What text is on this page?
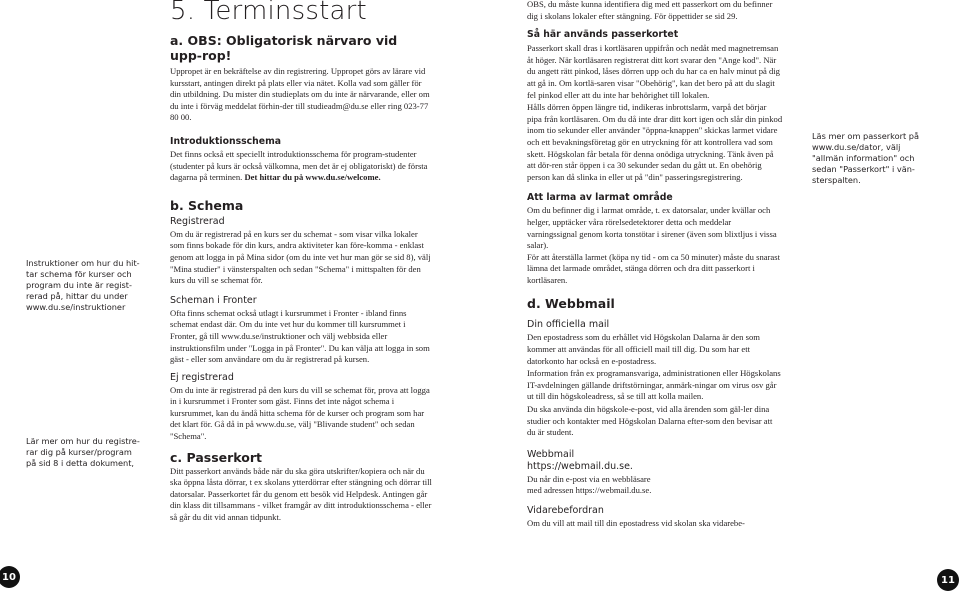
Instruktioner om hur du hit-tar schema för kurser och program du inte är regist-rerad på, hittar du under www.du.se/instruktioner
Lär mer om hur du registre-rar dig på kurser/program på sid 8 i detta dokument,
10
5. Terminsstart
a. OBS: Obligatorisk närvaro vid upp-rop!

Uppropet är en bekräftelse av din registrering. Uppropet görs av lärare vid kursstart, antingen direkt på plats eller via nätet. Kolla vad som gäller för din utbildning. Du mister din studieplats om du inte är närvarande, eller om du inte i förväg meddelat förhin-der till studieadm@du.se eller ring 023-77 80 00.

Introduktionsschema

Det finns också ett speciellt introduktionsschema för program-studenter (studenter på kurs är också välkomna, men det är ej obligatoriskt) de första dagarna på terminen. Det hittar du på www.du.se/welcome.

b. Schema
Registrerad

Om du är registrerad på en kurs ser du schemat - som visar vilka lokaler som finns bokade för din kurs, andra aktiviteter kan före-komma - enklast genom att logga in på Mina sidor (om du inte vet hur man gör se sid 8), välj "Mina studier" i vänsterspalten och sedan "Schema" i mittspalten för den kurs du vill se schemat för.

Scheman i Fronter

Ofta finns schemat också utlagt i kursrummet i Fronter - ibland finns schemat endast där. Om du inte vet hur du kommer till kursrummet i Fronter, gå till www.du.se/instruktioner och välj webbsida eller instruktionsfilm under "Logga in på Fronter". Du kan välja att logga in som gäst - eller som användare om du är registrerad på kursen.

Ej registrerad

Om du inte är registrerad på den kurs du vill se schemat för, prova att logga in i kursrummet i Fronter som gäst. Finns det inte något schema i kursrummet, kan du ändå hitta schema för de kurser och program som har det klart för. Gå då in på www.du.se, välj "Blivande student" och sedan "Schema".

c. Passerkort

Ditt passerkort används både när du ska göra utskrifter/kopiera och när du ska öppna låsta dörrar, t ex skolans ytterdörrar efter stängning och dörrar till datorsalar. Passerkortet får du genom ett besök vid Helpdesk. Antingen går din klass dit tillsammans - vilket framgår av ditt introduktionsschema - eller så går du dit vid annan tidpunkt.

OBS, du måste kunna identifiera dig med ett passerkort om du befinner dig i skolans lokaler efter stängning. För öppettider se sid 29.

Så här används passerkortet

Passerkort skall dras i kortläsaren uppifrån och nedåt med magnetremsan åt höger. När kortläsaren registrerat ditt kort svarar den "Ange kod". När du angett rätt pinkod, låses dörren upp och du har ca en halv minut på dig att gå in. Om kortlä-saren visar "Obehörig", kan det bero på att du slagit fel pinkod eller att du inte har behörighet till lokalen.

Hålls dörren öppen längre tid, indikeras inbrottslarm, varpå det börjar pipa från kortläsaren. Om du då inte drar ditt kort igen och slår din pinkod inom tio sekunder eller använder "öppna-knappen" skickas larmet vidare och ett bevakningsföretag gör en utryckning för att kontrollera vad som skett. Högskolan får betala för denna onödiga utryckning. Tänk även på att dör-ren står öppen i ca 30 sekunder sedan du gått ut. En obehörig person kan då slinka in eller ut på "din" passeringsregistrering.

Att larma av larmat område

Om du befinner dig i larmat område, t. ex datorsalar, under kvällar och helger, upptäcker våra rörelsedetektorer detta och meddelar varningssignal genom korta tonstötar i sirener (även som blixtljus i vissa salar).

För att återställa larmet (köpa ny tid - om ca 50 minuter) måste du snarast lämna det larmade området, stänga dörren och dra ditt passerkort i kortläsaren.

d. Webbmail
Din officiella mail

Den epostadress som du erhållet vid Högskolan Dalarna är den som kommer att användas för all officiell mail till dig. Du som har ett datorkonto har också en e-postadress.

Information från ex programansvariga, administrationen eller Högskolans IT-avdelningen gällande driftstörningar, anmärk-ningar om virus osv går ut till din högskoleadress, så se till att kolla mailen.

Du ska använda din högskole-e-post, vid alla ärenden som gäl-ler dina studier och kontakter med Högskolan Dalarna efter-som den bevisar att du är student.

Webbmail
https://webmail.du.se.

Du når din e-post via en webbläsare

med adressen https://webmail.du.se.

Vidarebefordran

Om du vill att mail till din epostadress vid skolan ska vidarebe-

Läs mer om passerkort på www.du.se/dator, välj "allmän information" och sedan "Passerkort" i vän-sterspalten.
11
